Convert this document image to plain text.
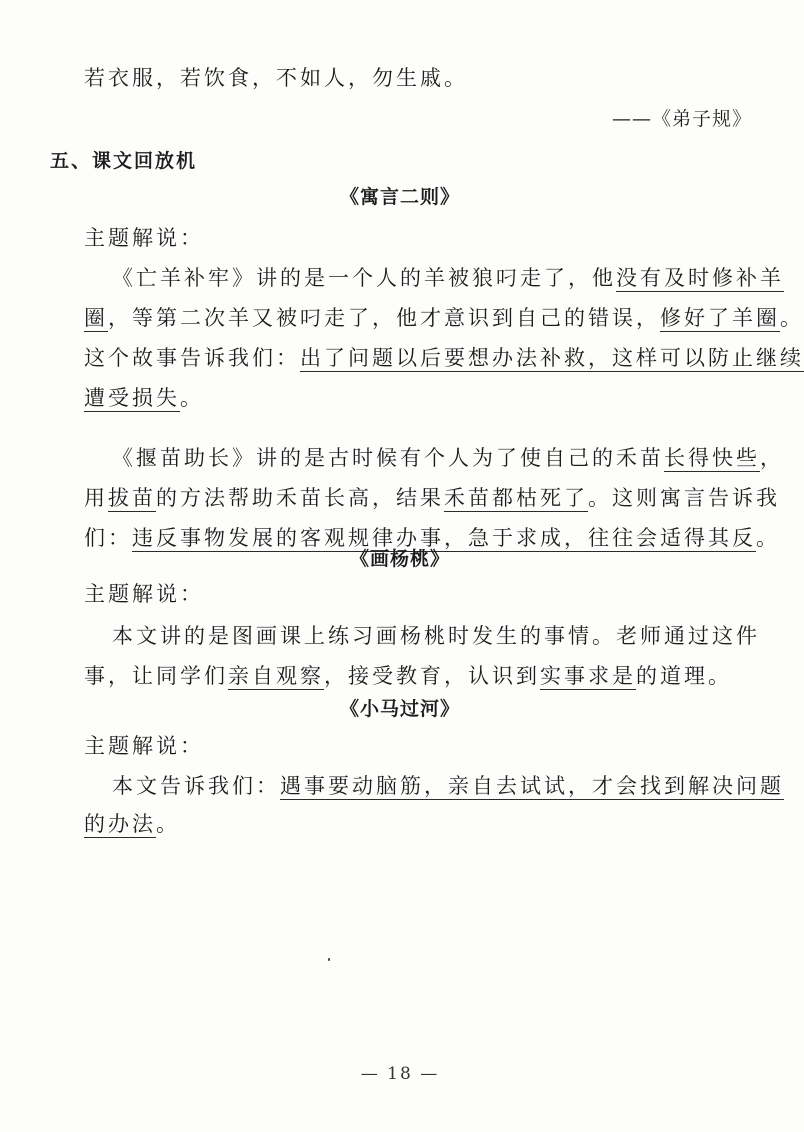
若衣服，若饮食，不如人，勿生戚。
——《弟子规》
五、课文回放机
《寓言二则》
主题解说：
《亡羊补牢》讲的是一个人的羊被狼叼走了，他没有及时修补羊
圈，等第二次羊又被叼走了，他才意识到自己的错误，修好了羊圈。
这个故事告诉我们：出了问题以后要想办法补救，这样可以防止继续
遭受损失。
《揠苗助长》讲的是古时候有个人为了使自己的禾苗长得快些，
用拔苗的方法帮助禾苗长高，结果禾苗都枯死了。这则寓言告诉我
们：违反事物发展的客观规律办事，急于求成，往往会适得其反。
《画杨桃》
主题解说：
本文讲的是图画课上练习画杨桃时发生的事情。老师通过这件
事，让同学们亲自观察，接受教育，认识到实事求是的道理。
《小马过河》
主题解说：
本文告诉我们：遇事要动脑筋，亲自去试试，才会找到解决问题
的办法。
— 18 —
